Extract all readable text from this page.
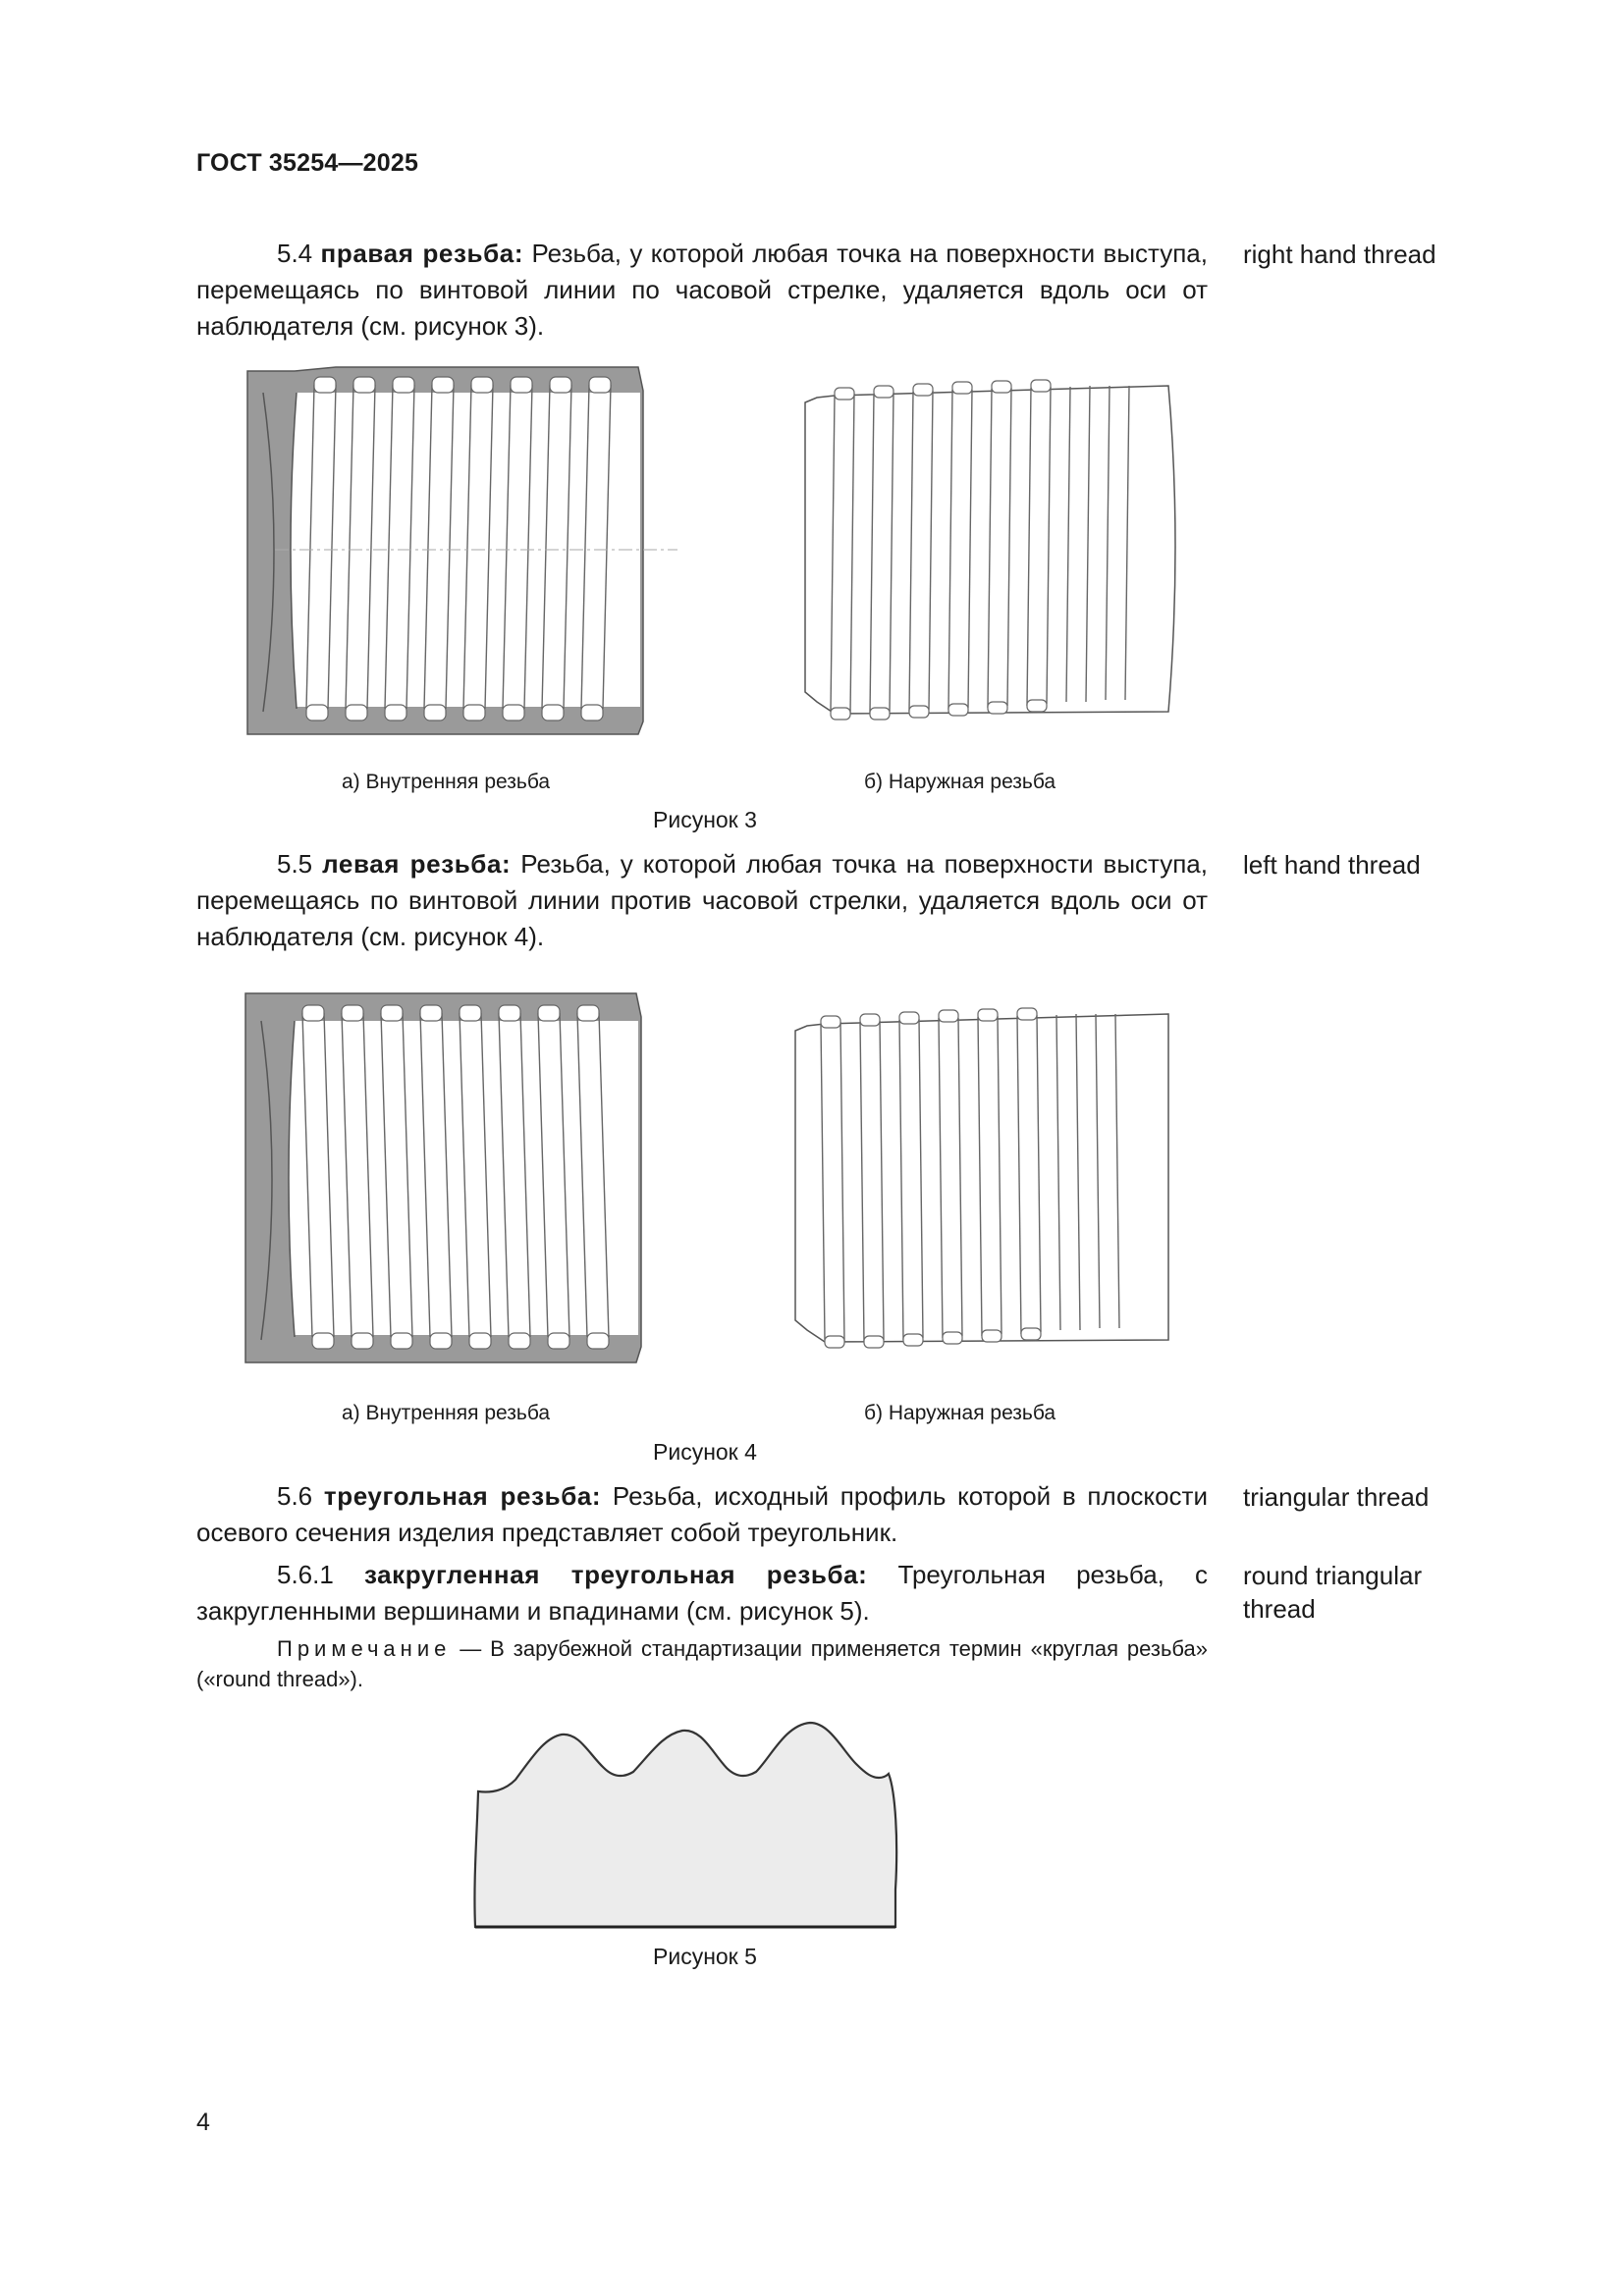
ГОСТ 35254—2025
5.4 правая резьба: Резьба, у которой любая точка на поверхности выступа, перемещаясь по винтовой линии по часовой стрелке, удаляется вдоль оси от наблюдателя (см. рисунок 3).
right hand thread
а) Внутренняя резьба	б) Наружная резьба
Рисунок 3
5.5 левая резьба: Резьба, у которой любая точка на поверхности выступа, перемещаясь по винтовой линии против часовой стрелки, удаляется вдоль оси от наблюдателя (см. рисунок 4).
left hand thread
а) Внутренняя резьба	б) Наружная резьба
Рисунок 4
5.6 треугольная резьба: Резьба, исходный профиль которой в плоскости осевого сечения изделия представляет собой треугольник.
triangular thread
5.6.1 закругленная треугольная резьба: Треугольная резьба, с закругленными вершинами и впадинами (см. рисунок 5).
round triangular thread
Примечание — В зарубежной стандартизации применяется термин «круглая резьба» («round thread»).
Рисунок 5
4
